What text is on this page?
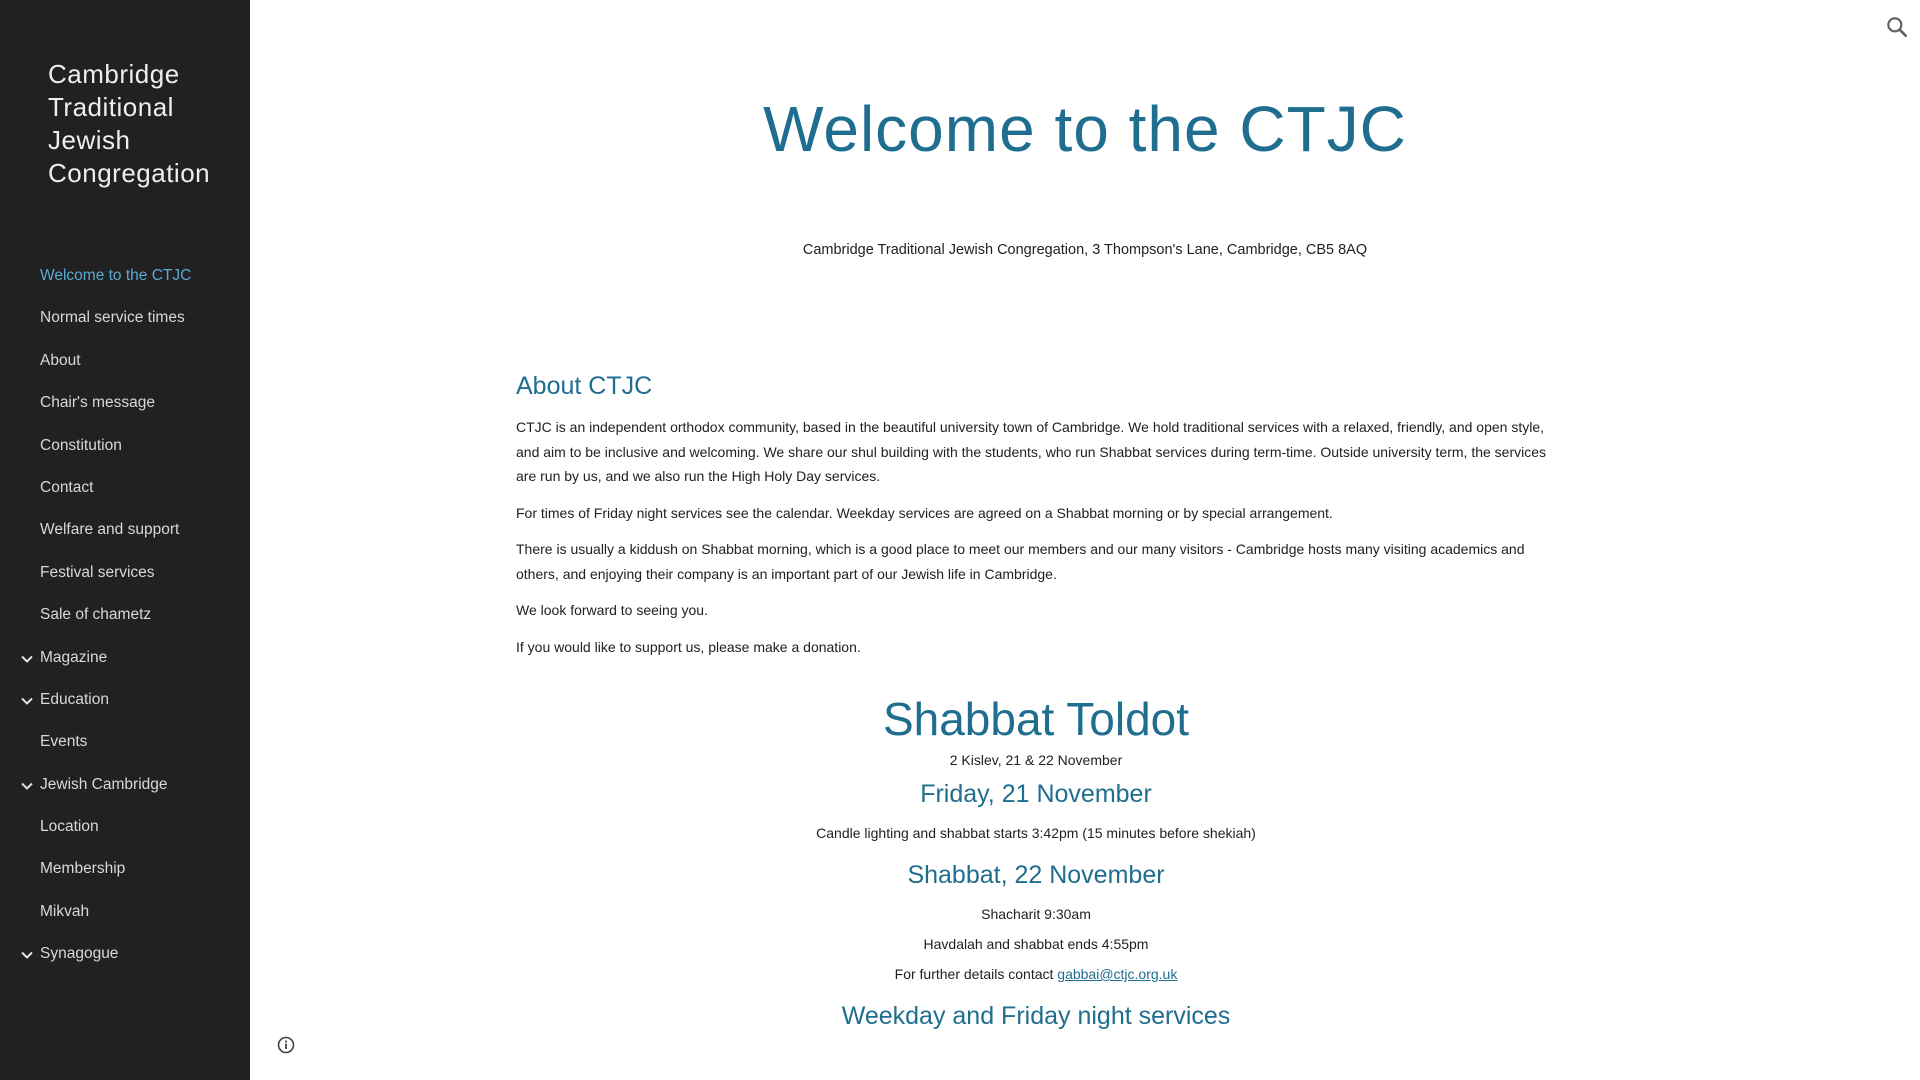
Cambridge Traditional Jewish Congregation
Welcome to the CTJC
Normal service times
About
Chair's message
Constitution
Contact
Welfare and support
Festival services
Sale of chametz
Magazine
Education
Events
Jewish Cambridge
Location
Membership
Mikvah
Synagogue
Welcome to the CTJC
Cambridge Traditional Jewish Congregation, 3 Thompson's Lane, Cambridge, CB5 8AQ
About CTJC

CTJC is an independent orthodox community, based in the beautiful university town of Cambridge. We hold traditional services with a relaxed, friendly, and open style, and aim to be inclusive and welcoming. We share our shul building with the students, who run Shabbat services during term-time. Outside university term, the services are run by us, and we also run the High Holy Day services.

For times of Friday night services see the calendar. Weekday services are agreed on a Shabbat morning or by special arrangement.

There is usually a kiddush on Shabbat morning, which is a good place to meet our members and our many visitors - Cambridge hosts many visiting academics and others, and enjoying their company is an important part of our Jewish life in Cambridge.

We look forward to seeing you.

If you would like to support us, please make a donation.

Shabbat Toldot
2 Kislev, 21 & 22 November
Friday, 21 November
Candle lighting and shabbat starts 3:42pm (15 minutes before shekiah)
Shabbat, 22 November
Shacharit 9:30am
Havdalah and shabbat ends 4:55pm
For further details contact gabbai@ctjc.org.uk
Weekday and Friday night services
